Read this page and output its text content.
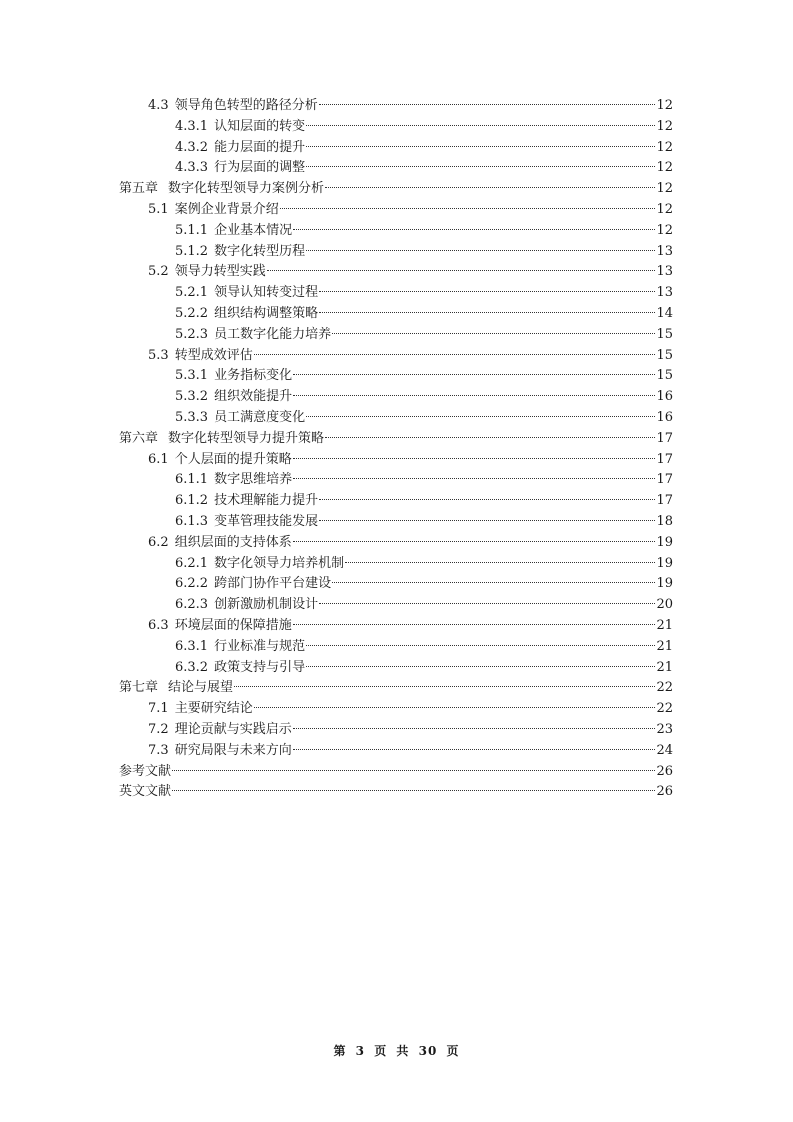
4.3 领导角色转型的路径分析	12
4.3.1 认知层面的转变	12
4.3.2 能力层面的提升	12
4.3.3 行为层面的调整	12
第五章 数字化转型领导力案例分析	12
5.1 案例企业背景介绍	12
5.1.1 企业基本情况	12
5.1.2 数字化转型历程	13
5.2 领导力转型实践	13
5.2.1 领导认知转变过程	13
5.2.2 组织结构调整策略	14
5.2.3 员工数字化能力培养	15
5.3 转型成效评估	15
5.3.1 业务指标变化	15
5.3.2 组织效能提升	16
5.3.3 员工满意度变化	16
第六章 数字化转型领导力提升策略	17
6.1 个人层面的提升策略	17
6.1.1 数字思维培养	17
6.1.2 技术理解能力提升	17
6.1.3 变革管理技能发展	18
6.2 组织层面的支持体系	19
6.2.1 数字化领导力培养机制	19
6.2.2 跨部门协作平台建设	19
6.2.3 创新激励机制设计	20
6.3 环境层面的保障措施	21
6.3.1 行业标准与规范	21
6.3.2 政策支持与引导	21
第七章 结论与展望	22
7.1 主要研究结论	22
7.2 理论贡献与实践启示	23
7.3 研究局限与未来方向	24
参考文献	26
英文文献	26
第 3 页 共 30 页
